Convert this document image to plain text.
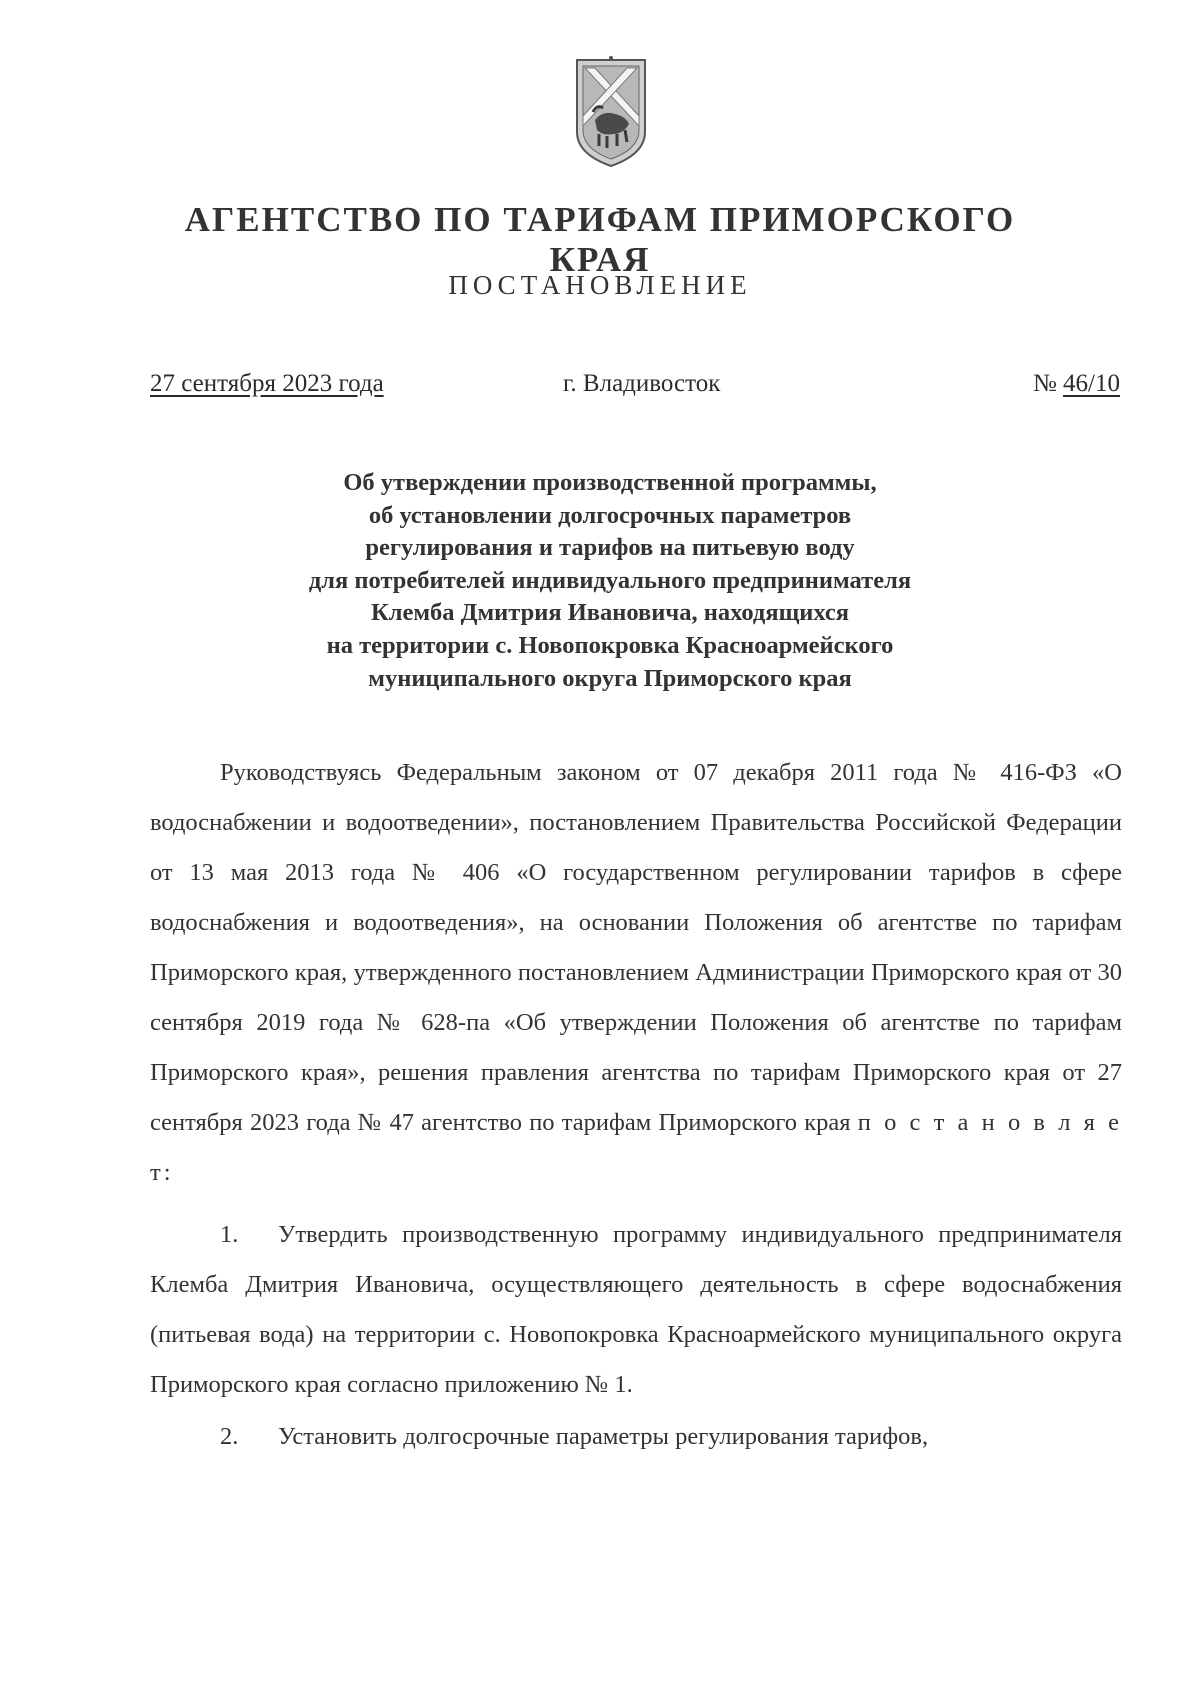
АГЕНТСТВО ПО ТАРИФАМ ПРИМОРСКОГО КРАЯ
ПОСТАНОВЛЕНИЕ
27 сентября 2023 года	г. Владивосток	№ 46/10
Об утверждении производственной программы,
об установлении долгосрочных параметров
регулирования и тарифов на питьевую воду
для потребителей индивидуального предпринимателя
Клемба Дмитрия Ивановича, находящихся
на территории с. Новопокровка Красноармейского
муниципального округа Приморского края
Руководствуясь Федеральным законом от 07 декабря 2011 года № 416-ФЗ «О водоснабжении и водоотведении», постановлением Правительства Российской Федерации от 13 мая 2013 года № 406 «О государственном регулировании тарифов в сфере водоснабжения и водоотведения», на основании Положения об агентстве по тарифам Приморского края, утвержденного постановлением Администрации Приморского края от 30 сентября 2019 года № 628-па «Об утверждении Положения об агентстве по тарифам Приморского края», решения правления агентства по тарифам Приморского края от 27 сентября 2023 года № 47 агентство по тарифам Приморского края п о с т а н о в л я е т:
1. Утвердить производственную программу индивидуального предпринимателя Клемба Дмитрия Ивановича, осуществляющего деятельность в сфере водоснабжения (питьевая вода) на территории с. Новопокровка Красноармейского муниципального округа Приморского края согласно приложению № 1.
2. Установить долгосрочные параметры регулирования тарифов,
